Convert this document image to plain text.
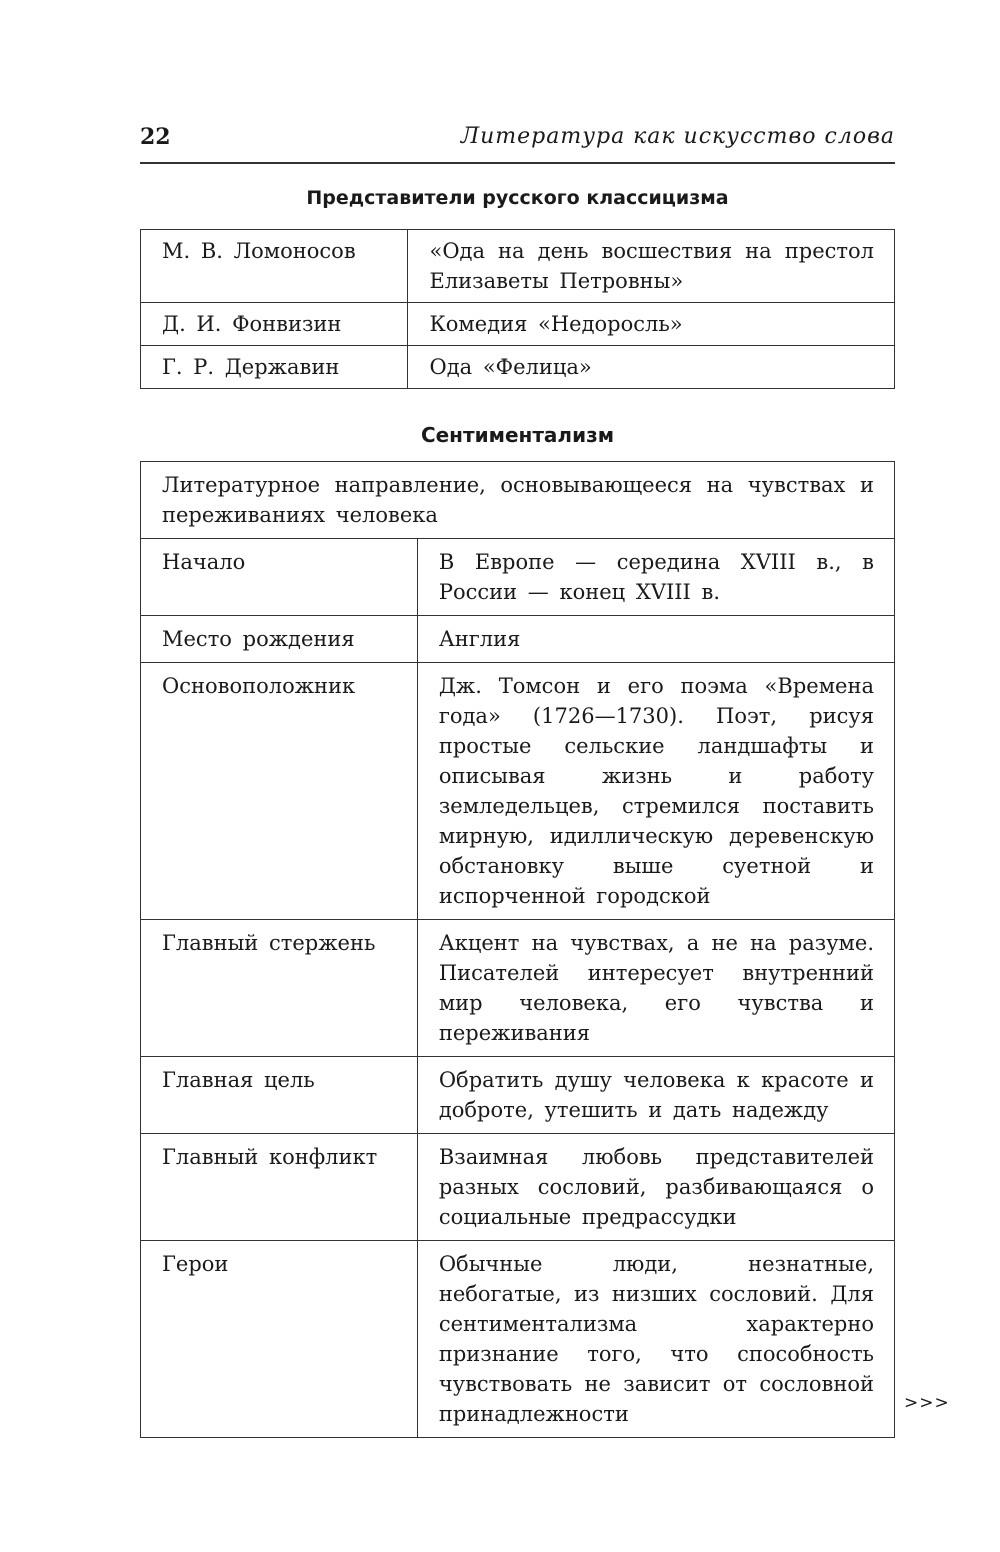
22	Литература как искусство слова
Представители русского классицизма
М. В. Ломоносов	«Ода на день восшествия на престол Елизаветы Петровны»
Д. И. Фонвизин	Комедия «Недоросль»
Г. Р. Державин	Ода «Фелица»
Сентиментализм
Литературное направление, основывающееся на чувствах и переживаниях человека	
Начало	В Европе — середина XVIII в., в России — конец XVIII в.
Место рождения	Англия
Основоположник	Дж. Томсон и его поэма «Времена года» (1726—1730). Поэт, рисуя простые сельские ландшафты и описывая жизнь и работу земледельцев, стремился поставить мирную, идиллическую деревенскую обстановку выше суетной и испорченной городской
Главный стержень	Акцент на чувствах, а не на разуме. Писателей интересует внутренний мир человека, его чувства и переживания
Главная цель	Обратить душу человека к красоте и доброте, утешить и дать надежду
Главный конфликт	Взаимная любовь представителей разных сословий, разбивающаяся о социальные предрассудки
Герои	Обычные люди, незнатные, небогатые, из низших сословий. Для сентиментализма характерно признание того, что способность чувствовать не зависит от сословной принадлежности	>>>
